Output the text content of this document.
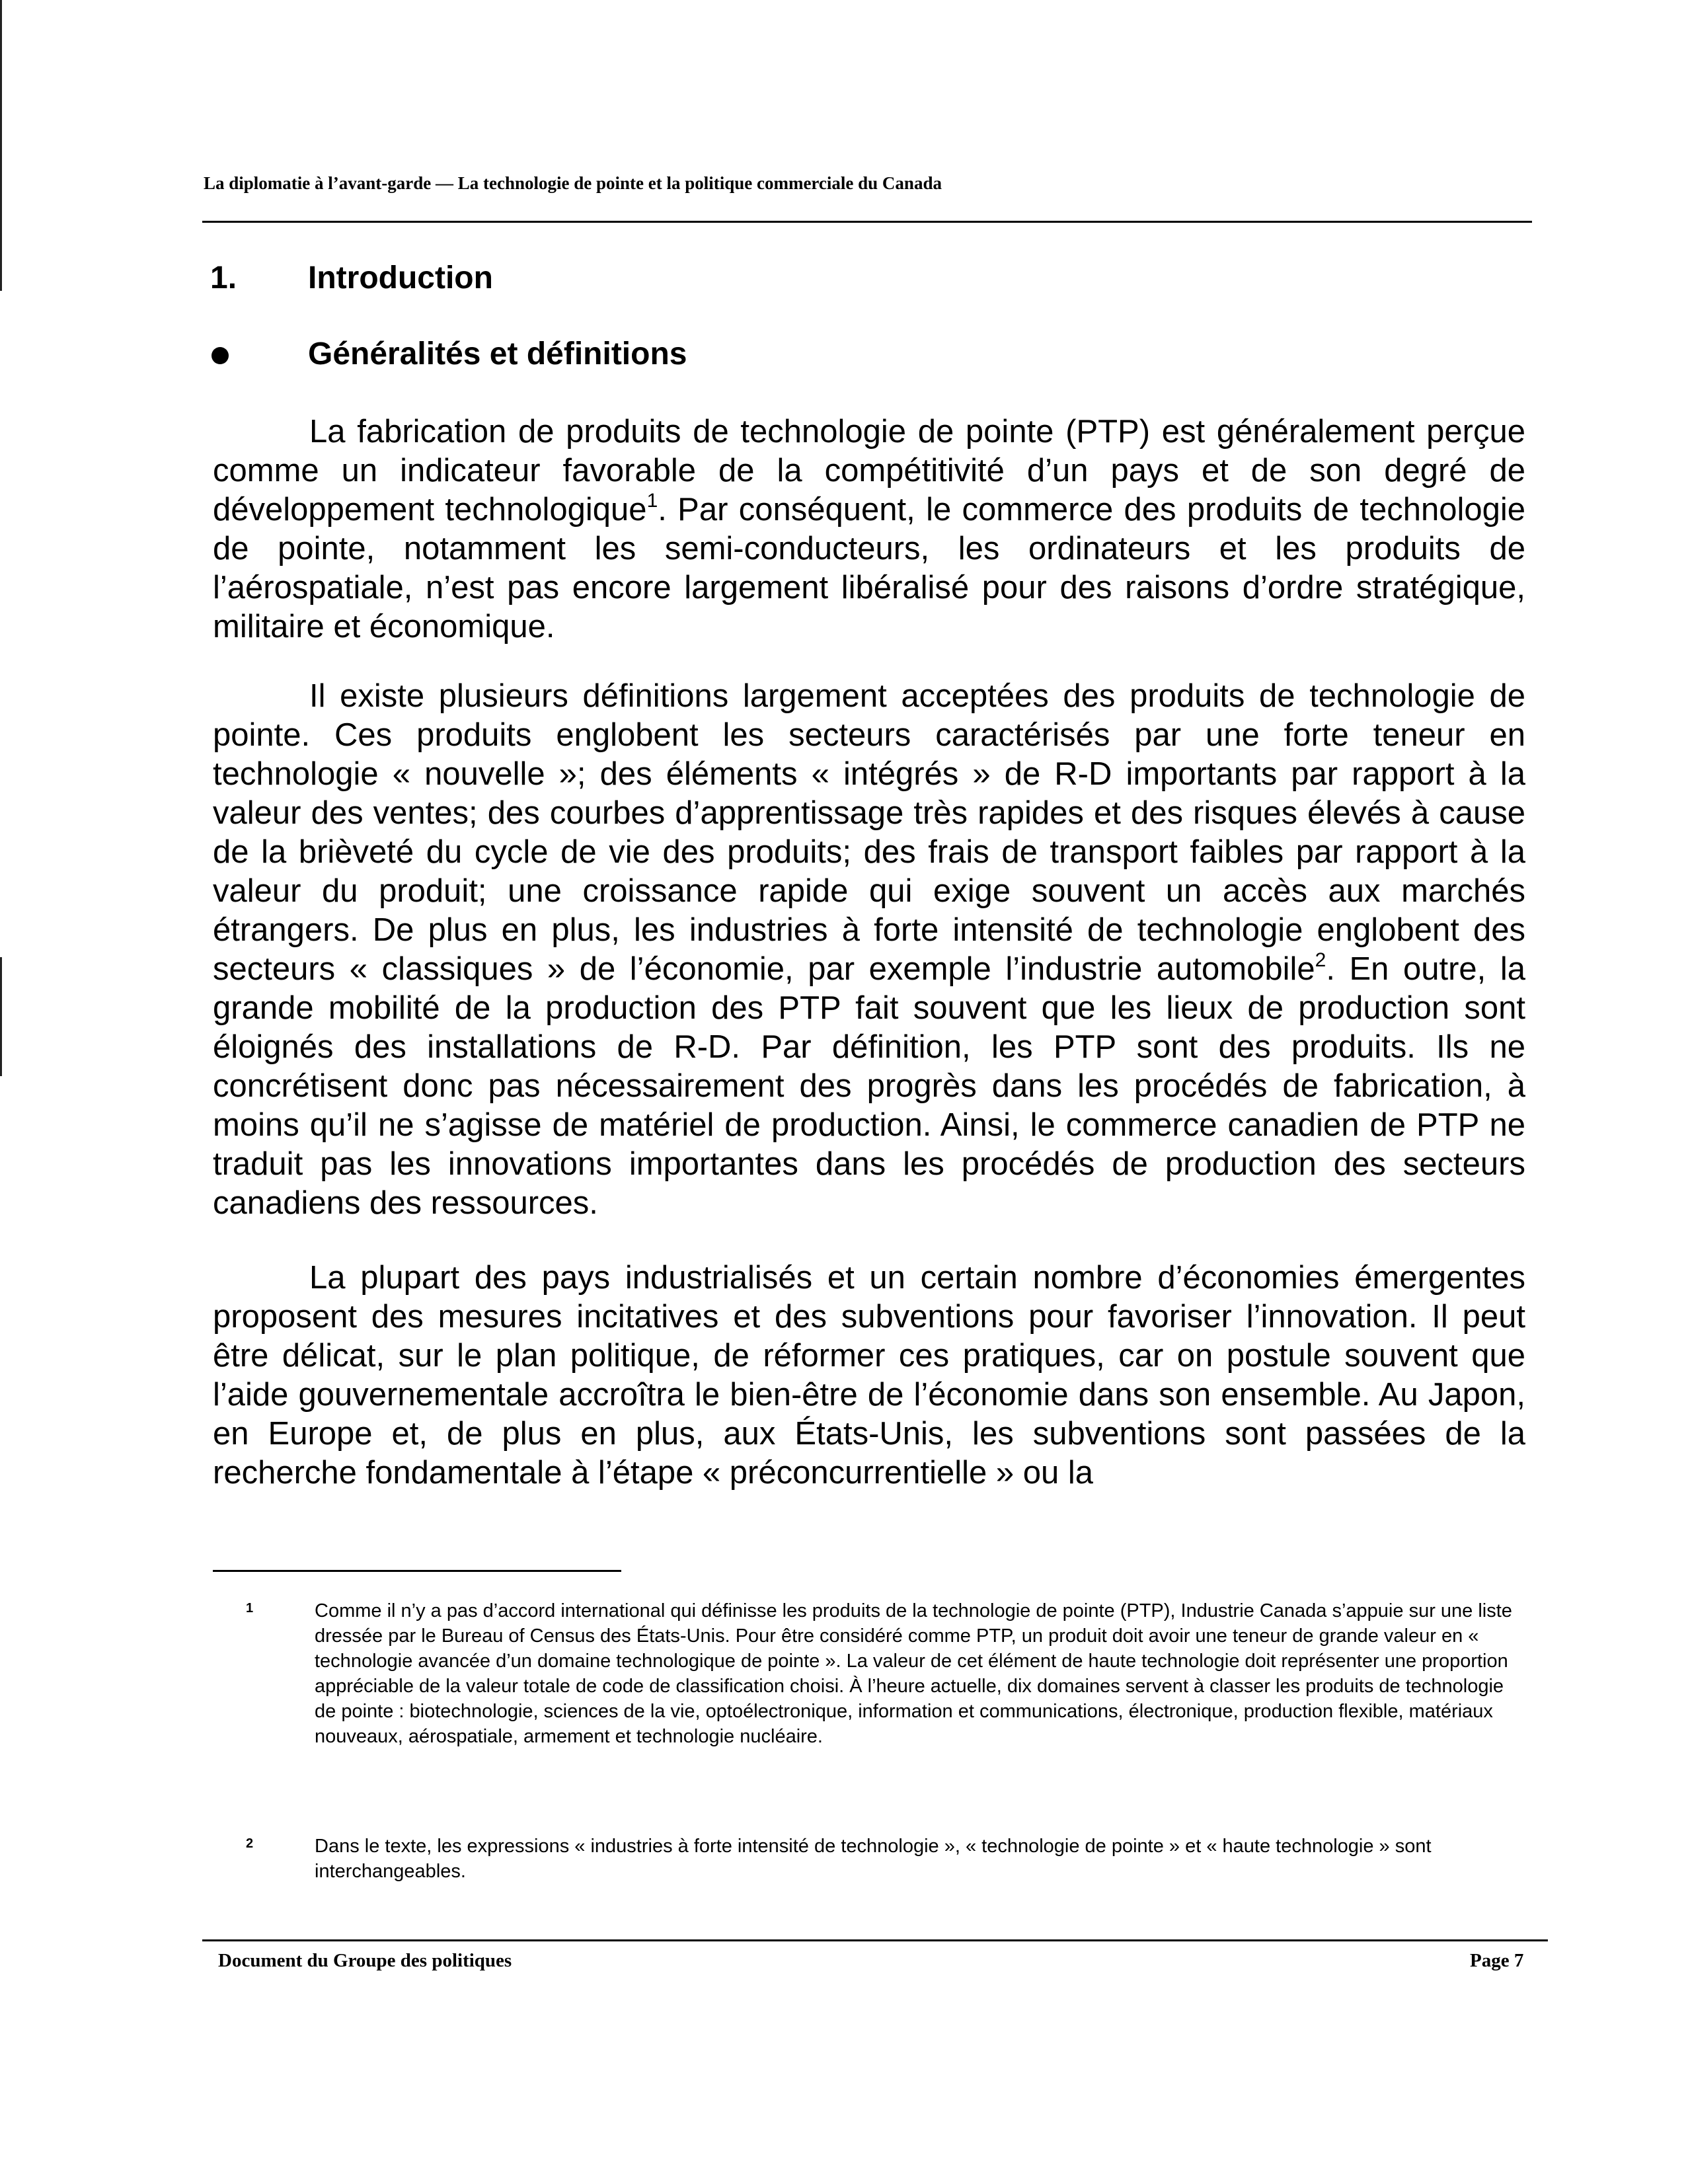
La diplomatie à l’avant-garde — La technologie de pointe et la politique commerciale du Canada
1. Introduction
Généralités et définitions

La fabrication de produits de technologie de pointe (PTP) est généralement perçue comme un indicateur favorable de la compétitivité d’un pays et de son degré de développement technologique$^1$. Par conséquent, le commerce des produits de technologie de pointe, notamment les semi-conducteurs, les ordinateurs et les produits de l’aérospatiale, n’est pas encore largement libéralisé pour des raisons d’ordre stratégique, militaire et économique.

Il existe plusieurs définitions largement acceptées des produits de technologie de pointe. Ces produits englobent les secteurs caractérisés par une forte teneur en technologie « nouvelle »; des éléments « intégrés » de R-D importants par rapport à la valeur des ventes; des courbes d’apprentissage très rapides et des risques élevés à cause de la brièveté du cycle de vie des produits; des frais de transport faibles par rapport à la valeur du produit; une croissance rapide qui exige souvent un accès aux marchés étrangers. De plus en plus, les industries à forte intensité de technologie englobent des secteurs « classiques » de l’économie, par exemple l’industrie automobile$^2$. En outre, la grande mobilité de la production des PTP fait souvent que les lieux de production sont éloignés des installations de R-D. Par définition, les PTP sont des produits. Ils ne concrétisent donc pas nécessairement des progrès dans les procédés de fabrication, à moins qu’il ne s’agisse de matériel de production. Ainsi, le commerce canadien de PTP ne traduit pas les innovations importantes dans les procédés de production des secteurs canadiens des ressources.

La plupart des pays industrialisés et un certain nombre d’économies émergentes proposent des mesures incitatives et des subventions pour favoriser l’innovation. Il peut être délicat, sur le plan politique, de réformer ces pratiques, car on postule souvent que l’aide gouvernementale accroîtra le bien-être de l’économie dans son ensemble. Au Japon, en Europe et, de plus en plus, aux États-Unis, les subventions sont passées de la recherche fondamentale à l’étape « préconcurrentielle » ou la

1	Comme il n’y a pas d’accord international qui définisse les produits de la technologie de pointe (PTP), Industrie Canada s’appuie sur une liste dressée par le Bureau of Census des États-Unis. Pour être considéré comme PTP, un produit doit avoir une teneur de grande valeur en « technologie avancée d’un domaine technologique de pointe ». La valeur de cet élément de haute technologie doit représenter une proportion appréciable de la valeur totale de code de classification choisi. À l’heure actuelle, dix domaines servent à classer les produits de technologie de pointe : biotechnologie, sciences de la vie, optoélectronique, information et communications, électronique, production flexible, matériaux nouveaux, aérospatiale, armement et technologie nucléaire.
2	Dans le texte, les expressions « industries à forte intensité de technologie », « technologie de pointe » et « haute technologie » sont interchangeables.
Document du Groupe des politiques	Page 7
